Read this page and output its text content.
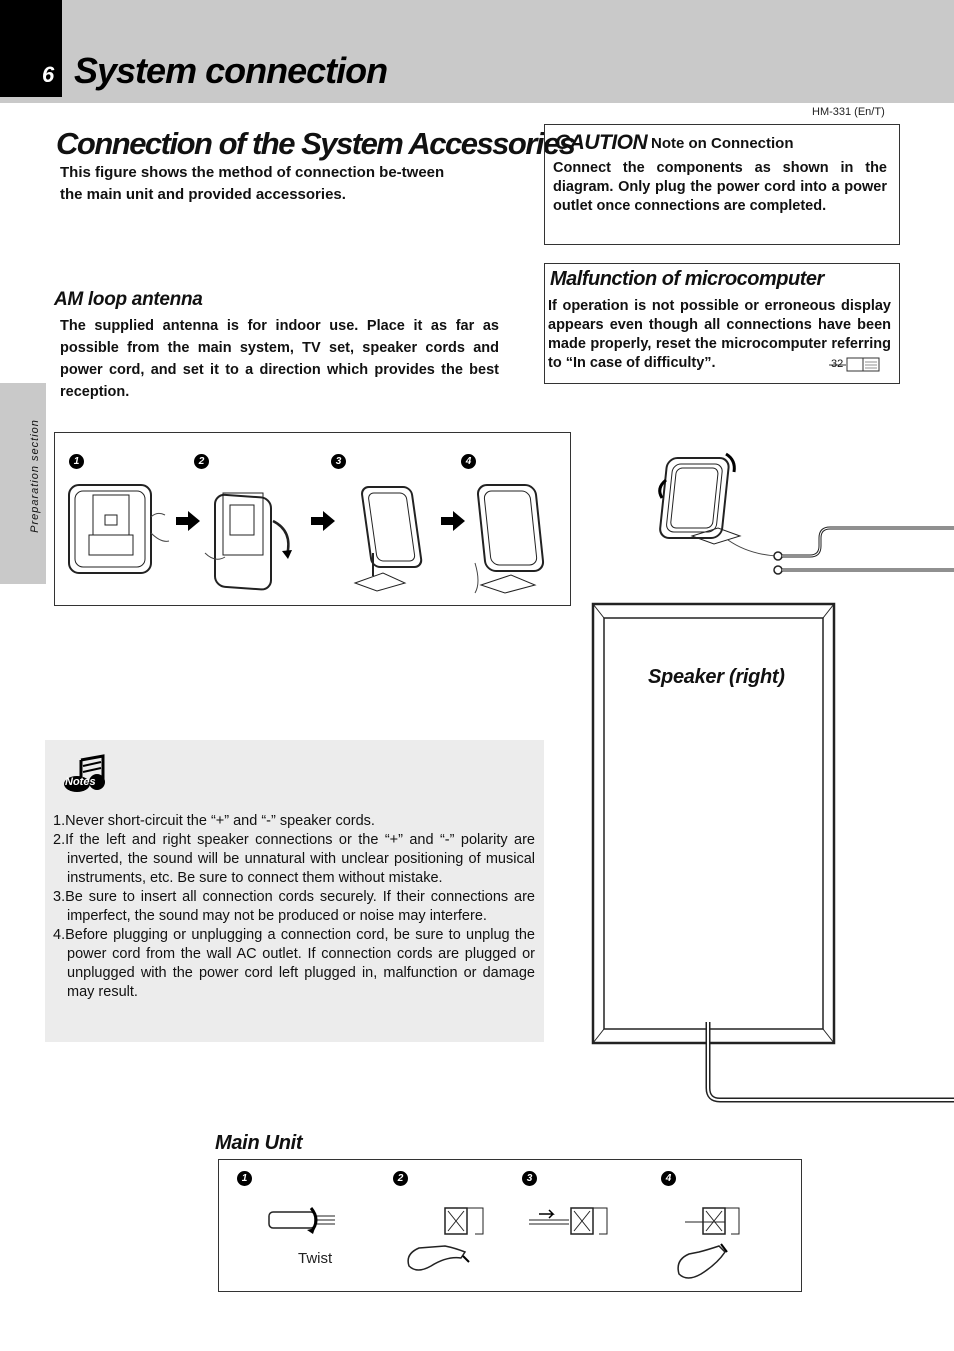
6 System connection
HM-331 (En/T)
Preparation section
Connection of the System Accessories
This figure shows the method of connection be-tween the main unit and provided accessories.
CAUTION Note on Connection
Connect the components as shown in the diagram. Only plug the power cord into a power outlet once connections are completed.
Malfunction of microcomputer
If operation is not possible or erroneous display appears even though all connections have been made properly, reset the microcomputer referring to “In case of difficulty”.	32
AM loop antenna
The supplied antenna is for indoor use. Place it as far as possible from the main system, TV set, speaker cords and power cord, and set it to a direction which provides the best reception.
1	2	3	4
Speaker (right)
Notes
1.Never short-circuit the “+” and “-” speaker cords.
2.If the left and right speaker connections or the “+” and “-” polarity are inverted, the sound will be unnatural with unclear positioning of musical instruments, etc. Be sure to connect them without mistake.
3.Be sure to insert all connection cords securely. If their connections are imperfect, the sound may not be produced or noise may interfere.
4.Before plugging or unplugging a connection cord, be sure to unplug the power cord from the wall AC outlet. If connection cords are plugged or unplugged with the power cord left plugged in, malfunction or damage may result.
Main Unit
1	2	3	4
Twist
